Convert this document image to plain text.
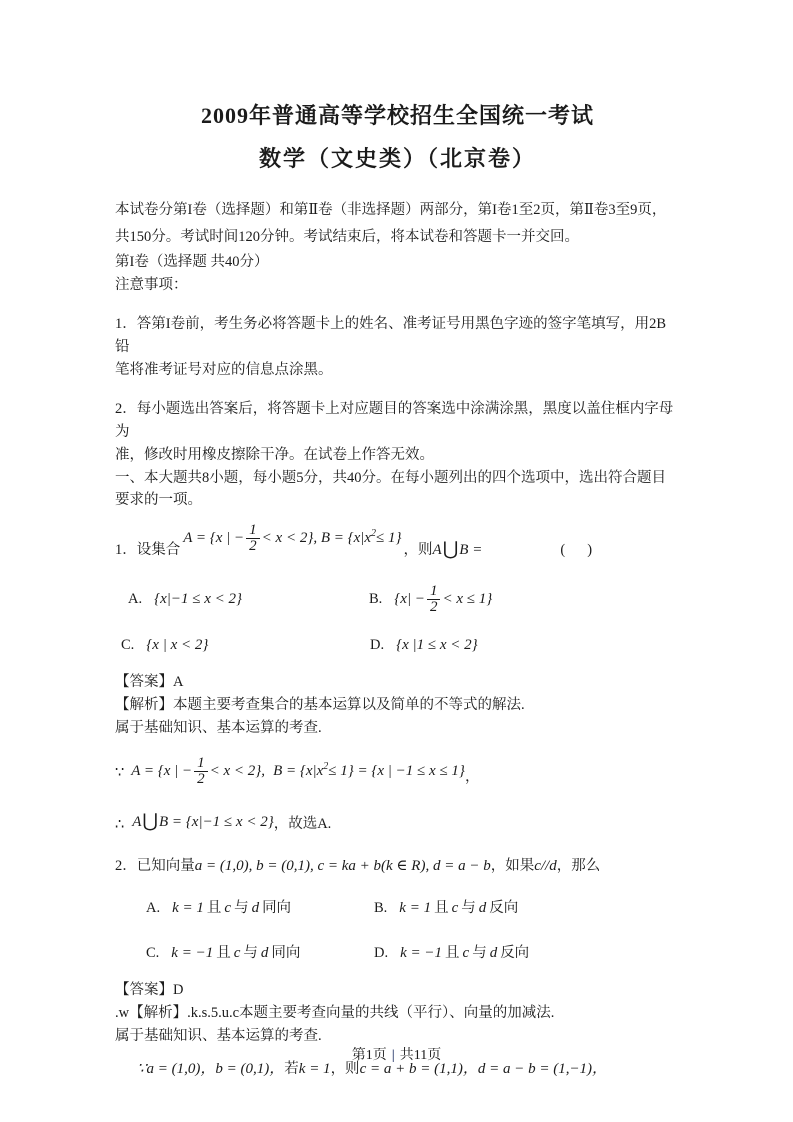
2009年普通高等学校招生全国统一考试
数学（文史类）（北京卷）

本试卷分第I卷（选择题）和第Ⅱ卷（非选择题）两部分，第I卷1至2页，第Ⅱ卷3至9页，
共150分。考试时间120分钟。考试结束后，将本试卷和答题卡一并交回。

第I卷（选择题 共40分）

注意事项：

1．答第I卷前，考生务必将答题卡上的姓名、准考证号用黑色字迹的签字笔填写，用2B铅
笔将准考证号对应的信息点涂黑。

2．每小题选出答案后，将答题卡上对应题目的答案选中涂满涂黑，黑度以盖住框内字母为
准，修改时用橡皮擦除干净。在试卷上作答无效。

一、本大题共8小题，每小题5分，共40分。在每小题列出的四个选项中，选出符合题目
要求的一项。

1．设集合
A = {x | − $\frac{1}{2} < x < 2$}, $B = \{x|x^2\le 1\}$
，则 A⋃B =	( )
A. {x|−1 ≤ x < 2}	B. $\{x| - \frac{1}{2} < x \le 1\}$
C. {x | x < 2}	D. {x |1 ≤ x < 2}

【答案】A

【解析】本题主要考查集合的基本运算以及简单的不等式的解法.

属于基础知识、基本运算的考查.

∵ A = {x | − $\frac{1}{2} < x < 2$}, $B = \{x|x^2\le 1\} = \{x$ | −1 ≤ x ≤ 1} ，
∴ A⋃B = {x|−1 ≤ x < 2} ，故选A.

2．已知向量a = (1,0), b = (0,1), c = ka + b(k ∈ R), d = a − b，如果c//d，那么

A. k = 1 且 c 与 d 同向	B. k = 1 且 c 与 d 反向
C. k = −1 且 c 与 d 同向	D. k = −1 且 c 与 d 反向

【答案】D

.w【解析】.k.s.5.u.c本题主要考查向量的共线（平行）、向量的加减法.

属于基础知识、基本运算的考查.

∵a = (1,0)，b = (0,1)，若k = 1，则c = a + b = (1,1)，d = a − b = (1,−1)，

第1页 | 共11页
